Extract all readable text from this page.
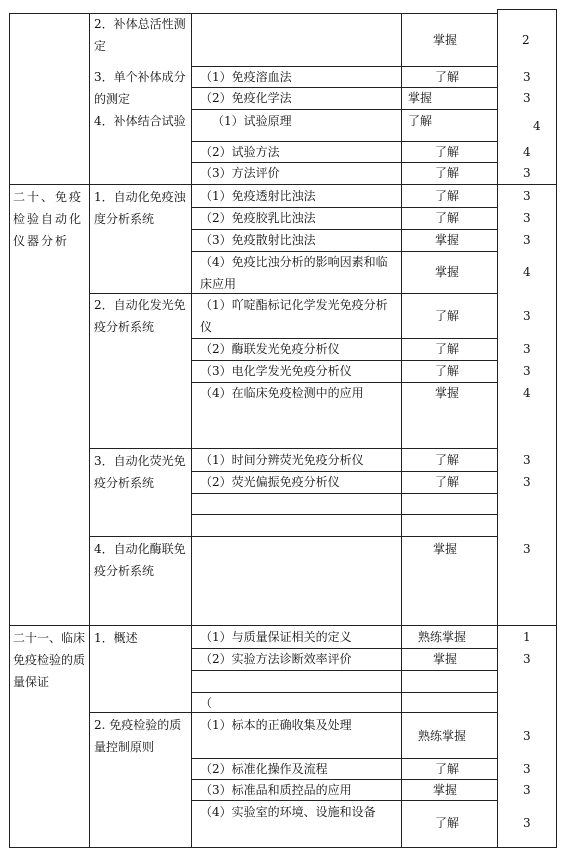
二十、免疫检验自动化仪器分析
二十一、临床免疫检验的质量保证
2．补体总活性测定
3．单个补体成分的测定
4．补体结合试验
1．自动化免疫浊度分析系统
2．自动化发光免疫分析系统
3．自动化荧光免疫分析系统
4．自动化酶联免疫分析系统
1．概述
2. 免疫检验的质量控制原则
（1）免疫溶血法
（2）免疫化学法
（1）试验原理
（2）试验方法
（3）方法评价
（1）免疫透射比浊法
（2）免疫胶乳比浊法
（3）免疫散射比浊法
（4）免疫比浊分析的影响因素和临床应用
（1）吖啶酯标记化学发光免疫分析仪
（2）酶联发光免疫分析仪
（3）电化学发光免疫分析仪
（4）在临床免疫检测中的应用
（1）时间分辨荧光免疫分析仪
（2）荧光偏振免疫分析仪
（1）与质量保证相关的定义
（2）实验方法诊断效率评价
（
（1）标本的正确收集及处理
（2）标准化操作及流程
（3）标准品和质控品的应用
（4）实验室的环境、设施和设备
掌握
了解
掌握
了解
了解
了解
了解
了解
掌握
掌握
了解
了解
了解
掌握
了解
了解
掌握
熟练掌握
掌握
熟练掌握
了解
掌握
了解
2
3
3
4
4
3
3
3
3
4
3
3
3
4
3
3
3
1
3
3
3
3
3
